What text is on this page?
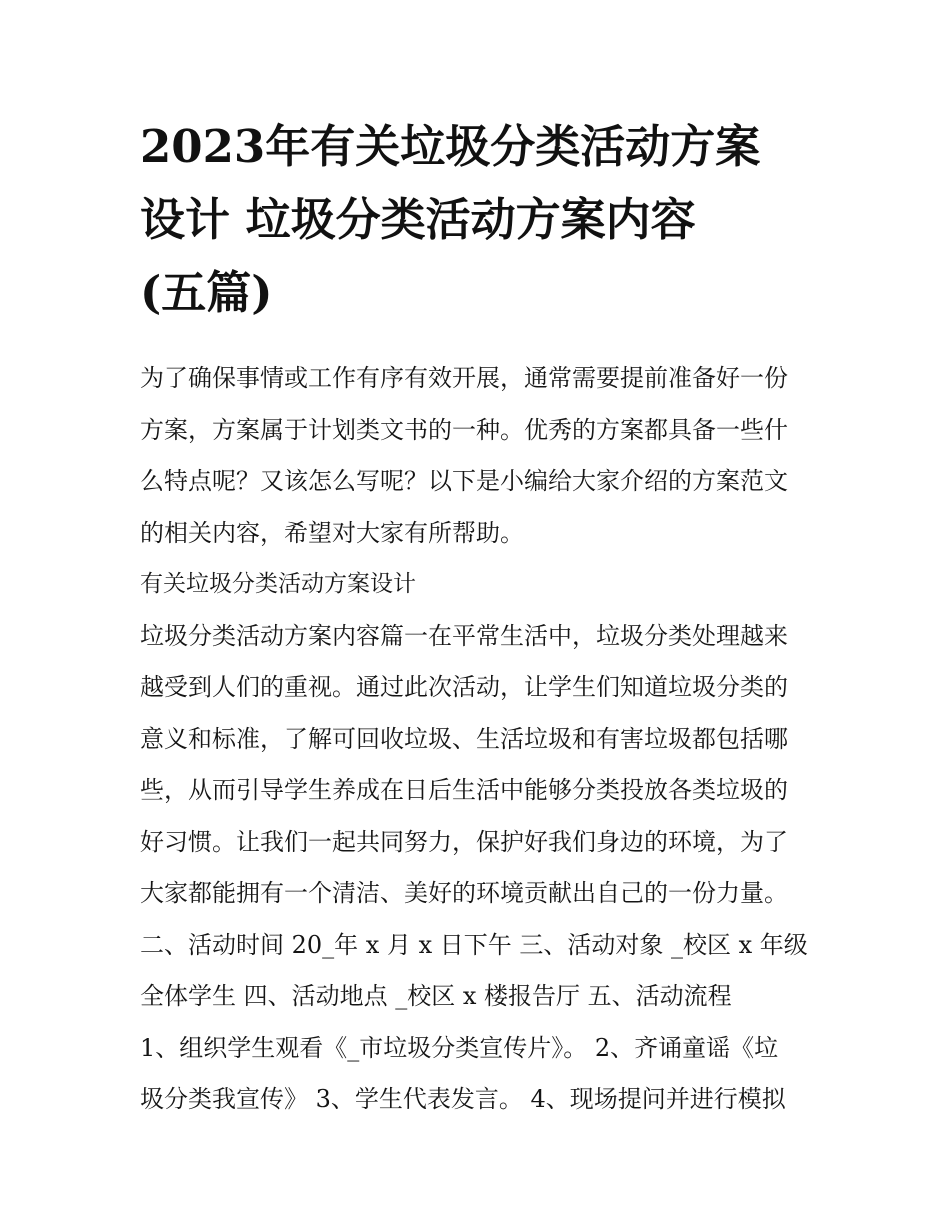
2023年有关垃圾分类活动方案
设计 垃圾分类活动方案内容
(五篇)
为了确保事情或工作有序有效开展，通常需要提前准备好一份
方案，方案属于计划类文书的一种。优秀的方案都具备一些什
么特点呢？又该怎么写呢？以下是小编给大家介绍的方案范文
的相关内容，希望对大家有所帮助。
有关垃圾分类活动方案设计
垃圾分类活动方案内容篇一在平常生活中，垃圾分类处理越来
越受到人们的重视。通过此次活动，让学生们知道垃圾分类的
意义和标准，了解可回收垃圾、生活垃圾和有害垃圾都包括哪
些，从而引导学生养成在日后生活中能够分类投放各类垃圾的
好习惯。让我们一起共同努力，保护好我们身边的环境，为了
大家都能拥有一个清洁、美好的环境贡献出自己的一份力量。
二、活动时间 20_年 x 月 x 日下午 三、活动对象 _校区 x 年级
全体学生 四、活动地点 _校区 x 楼报告厅 五、活动流程
1、组织学生观看《_市垃圾分类宣传片》。 2、齐诵童谣《垃
圾分类我宣传》 3、学生代表发言。 4、现场提问并进行模拟
